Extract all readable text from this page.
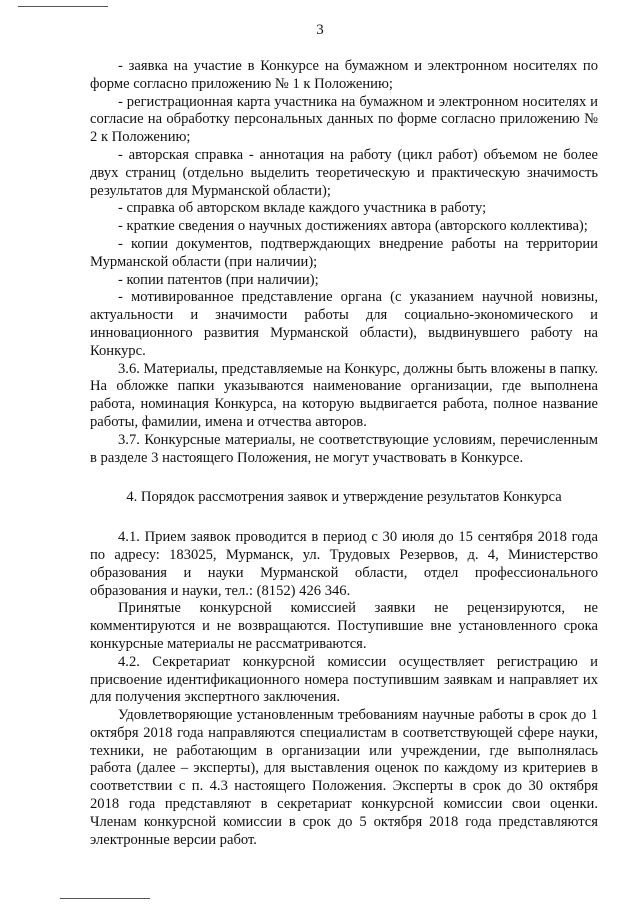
3

- заявка на участие в Конкурсе на бумажном и электронном носителях по форме согласно приложению № 1 к Положению;

- регистрационная карта участника на бумажном и электронном носителях и согласие на обработку персональных данных по форме согласно приложению № 2 к Положению;

- авторская справка - аннотация на работу (цикл работ) объемом не более двух страниц (отдельно выделить теоретическую и практическую значимость результатов для Мурманской области);

- справка об авторском вкладе каждого участника в работу;

- краткие сведения о научных достижениях автора (авторского коллектива);

- копии документов, подтверждающих внедрение работы на территории Мурманской области (при наличии);

- копии патентов (при наличии);

- мотивированное представление органа (с указанием научной новизны, актуальности и значимости работы для социально-экономического и инновационного развития Мурманской области), выдвинувшего работу на Конкурс.

3.6. Материалы, представляемые на Конкурс, должны быть вложены в папку. На обложке папки указываются наименование организации, где выполнена работа, номинация Конкурса, на которую выдвигается работа, полное название работы, фамилии, имена и отчества авторов.

3.7. Конкурсные материалы, не соответствующие условиям, перечисленным в разделе 3 настоящего Положения, не могут участвовать в Конкурсе.

4. Порядок рассмотрения заявок и утверждение результатов Конкурса

4.1. Прием заявок проводится в период с 30 июля до 15 сентября 2018 года по адресу: 183025, Мурманск, ул. Трудовых Резервов, д. 4, Министерство образования и науки Мурманской области, отдел профессионального образования и науки, тел.: (8152) 426 346.

Принятые конкурсной комиссией заявки не рецензируются, не комментируются и не возвращаются. Поступившие вне установленного срока конкурсные материалы не рассматриваются.

4.2. Секретариат конкурсной комиссии осуществляет регистрацию и присвоение идентификационного номера поступившим заявкам и направляет их для получения экспертного заключения.

Удовлетворяющие установленным требованиям научные работы в срок до 1 октября 2018 года направляются специалистам в соответствующей сфере науки, техники, не работающим в организации или учреждении, где выполнялась работа (далее – эксперты), для выставления оценок по каждому из критериев в соответствии с п. 4.3 настоящего Положения. Эксперты в срок до 30 октября 2018 года представляют в секретариат конкурсной комиссии свои оценки. Членам конкурсной комиссии в срок до 5 октября 2018 года представляются электронные версии работ.
